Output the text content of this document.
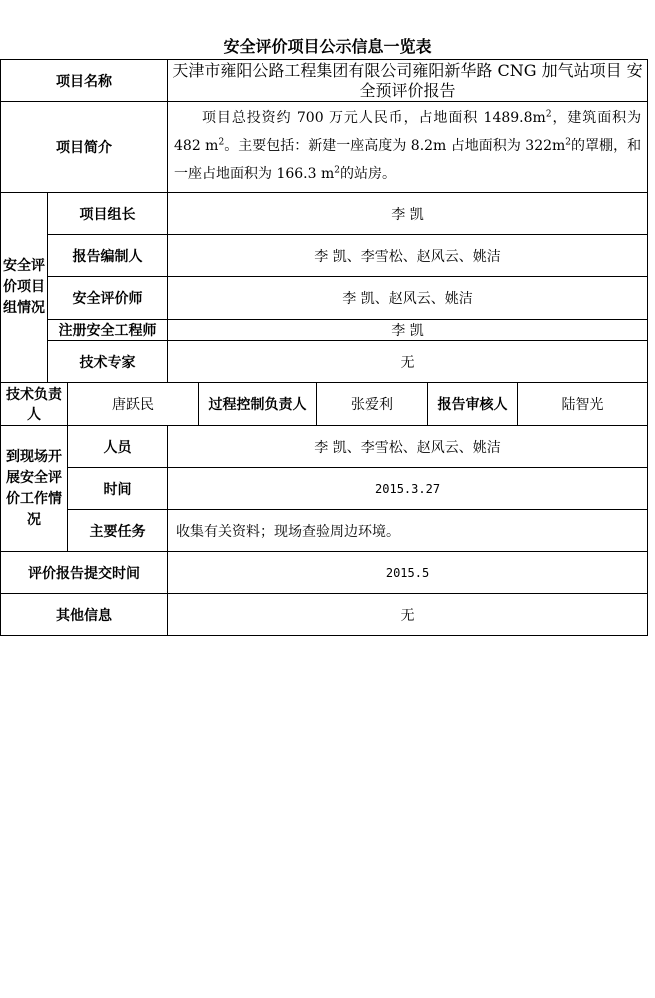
安全评价项目公示信息一览表
项目名称			天津市雍阳公路工程集团有限公司雍阳新华路 CNG 加气站项目 安全预评价报告				
项目简介			项目总投资约 700 万元人民币，占地面积 $1489.8m^2$，建筑面积为 482 $m^2$。主要包括：新建一座高度为 8.2m 占地面积为 $322m^2$的罩棚，和一座占地面积为 166.3 $m^2$的站房。				

安全评价项目组情况	项目组长		李 凯				
	报告编制人		李 凯、李雪松、赵风云、姚洁				
	安全评价师		李 凯、赵风云、姚洁				
	注册安全工程师		李 凯				
	技术专家		无				
技术负责人		唐跃民		过程控制负责人	张爱利	报告审核人	陆智光
到现场开展安全评价工作情况		人员	李 凯、李雪松、赵风云、姚洁				
		时间	2015.3.27				
		主要任务	收集有关资料；现场查验周边环境。				
评价报告提交时间			2015.5				
其他信息			无				
